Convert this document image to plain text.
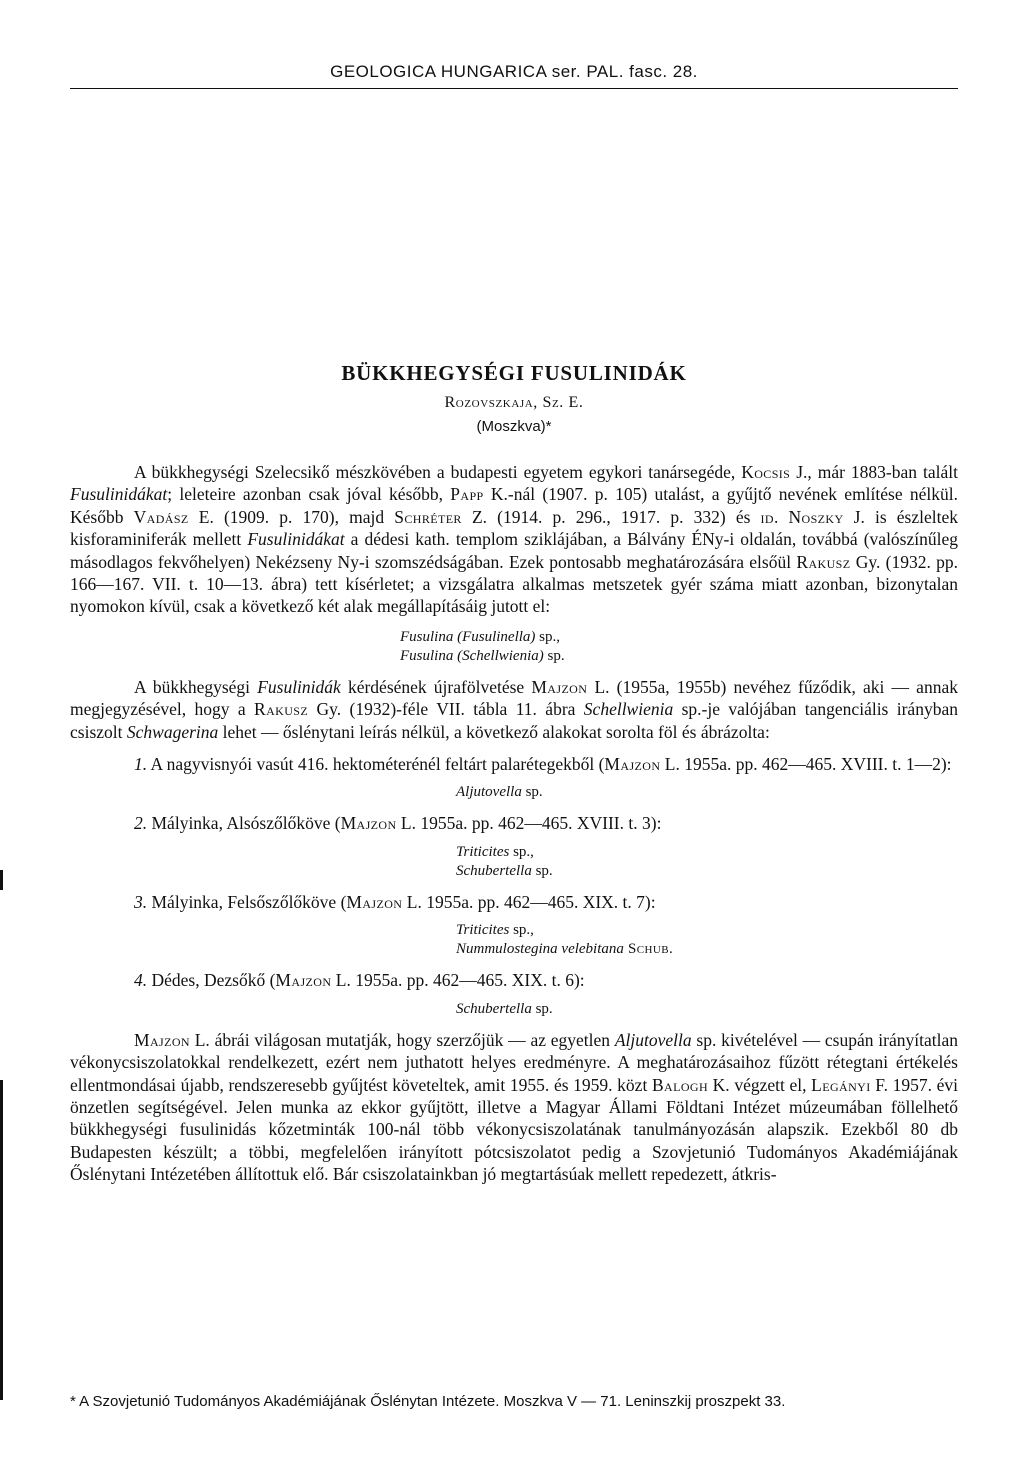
GEOLOGICA HUNGARICA ser. PAL. fasc. 28.
BÜKKHEGYSÉGI FUSULINIDÁK
Rozovszkaja, Sz. E.
(Moszkva)*

A bükkhegységi Szelecsikő mészkövében a budapesti egyetem egykori tanársegéde, Kocsis J., már 1883-ban talált Fusulinidákat; leleteire azonban csak jóval később, Papp K.-nál (1907. p. 105) utalást, a gyűjtő nevének említése nélkül. Később Vadász E. (1909. p. 170), majd Schréter Z. (1914. p. 296., 1917. p. 332) és id. Noszky J. is észleltek kisforaminiferák mellett Fusulinidákat a dédesi kath. templom sziklájában, a Bálvány ÉNy-i oldalán, továbbá (valószínűleg másodlagos fekvőhelyen) Nekézseny Ny-i szomszédságában. Ezek pontosabb meghatározására elsőül Rakusz Gy. (1932. pp. 166—167. VII. t. 10—13. ábra) tett kísérletet; a vizsgálatra alkalmas metszetek gyér száma miatt azonban, bizonytalan nyomokon kívül, csak a következő két alak megállapításáig jutott el:

Fusulina (Fusulinella) sp.,
Fusulina (Schellwienia) sp.

A bükkhegységi Fusulinidák kérdésének újrafölvetése Majzon L. (1955a, 1955b) nevéhez fűződik, aki — annak megjegyzésével, hogy a Rakusz Gy. (1932)-féle VII. tábla 11. ábra Schellwienia sp.-je valójában tangenciális irányban csiszolt Schwagerina lehet — őslénytani leírás nélkül, a következő alakokat sorolta föl és ábrázolta:

1. A nagyvisnyói vasút 416. hektométerénél feltárt palarétegekből (Majzon L. 1955a. pp. 462—465. XVIII. t. 1—2):

Aljutovella sp.

2. Mályinka, Alsószőlőköve (Majzon L. 1955a. pp. 462—465. XVIII. t. 3):

Triticites sp.,
Schubertella sp.

3. Mályinka, Felsőszőlőköve (Majzon L. 1955a. pp. 462—465. XIX. t. 7):

Triticites sp.,
Nummulostegina velebitana Schub.

4. Dédes, Dezsőkő (Majzon L. 1955a. pp. 462—465. XIX. t. 6):

Schubertella sp.

Majzon L. ábrái világosan mutatják, hogy szerzőjük — az egyetlen Aljutovella sp. kivételével — csupán irányítatlan vékonycsiszolatokkal rendelkezett, ezért nem juthatott helyes eredményre. A meghatározásaihoz fűzött rétegtani értékelés ellentmondásai újabb, rendszeresebb gyűjtést követeltek, amit 1955. és 1959. közt Balogh K. végzett el, Legányi F. 1957. évi önzetlen segítségével. Jelen munka az ekkor gyűjtött, illetve a Magyar Állami Földtani Intézet múzeumában föllelhető bükkhegységi fusulinidás kőzetminták 100-nál több vékonycsiszolatának tanulmányozásán alapszik. Ezekből 80 db Budapesten készült; a többi, megfelelően irányított pótcsiszolatot pedig a Szovjetunió Tudományos Akadémiájának Őslénytani Intézetében állítottuk elő. Bár csiszolatainkban jó megtartásúak mellett repedezett, átkris-

* A Szovjetunió Tudományos Akadémiájának Őslénytan Intézete. Moszkva V — 71. Leninszkij proszpekt 33.
